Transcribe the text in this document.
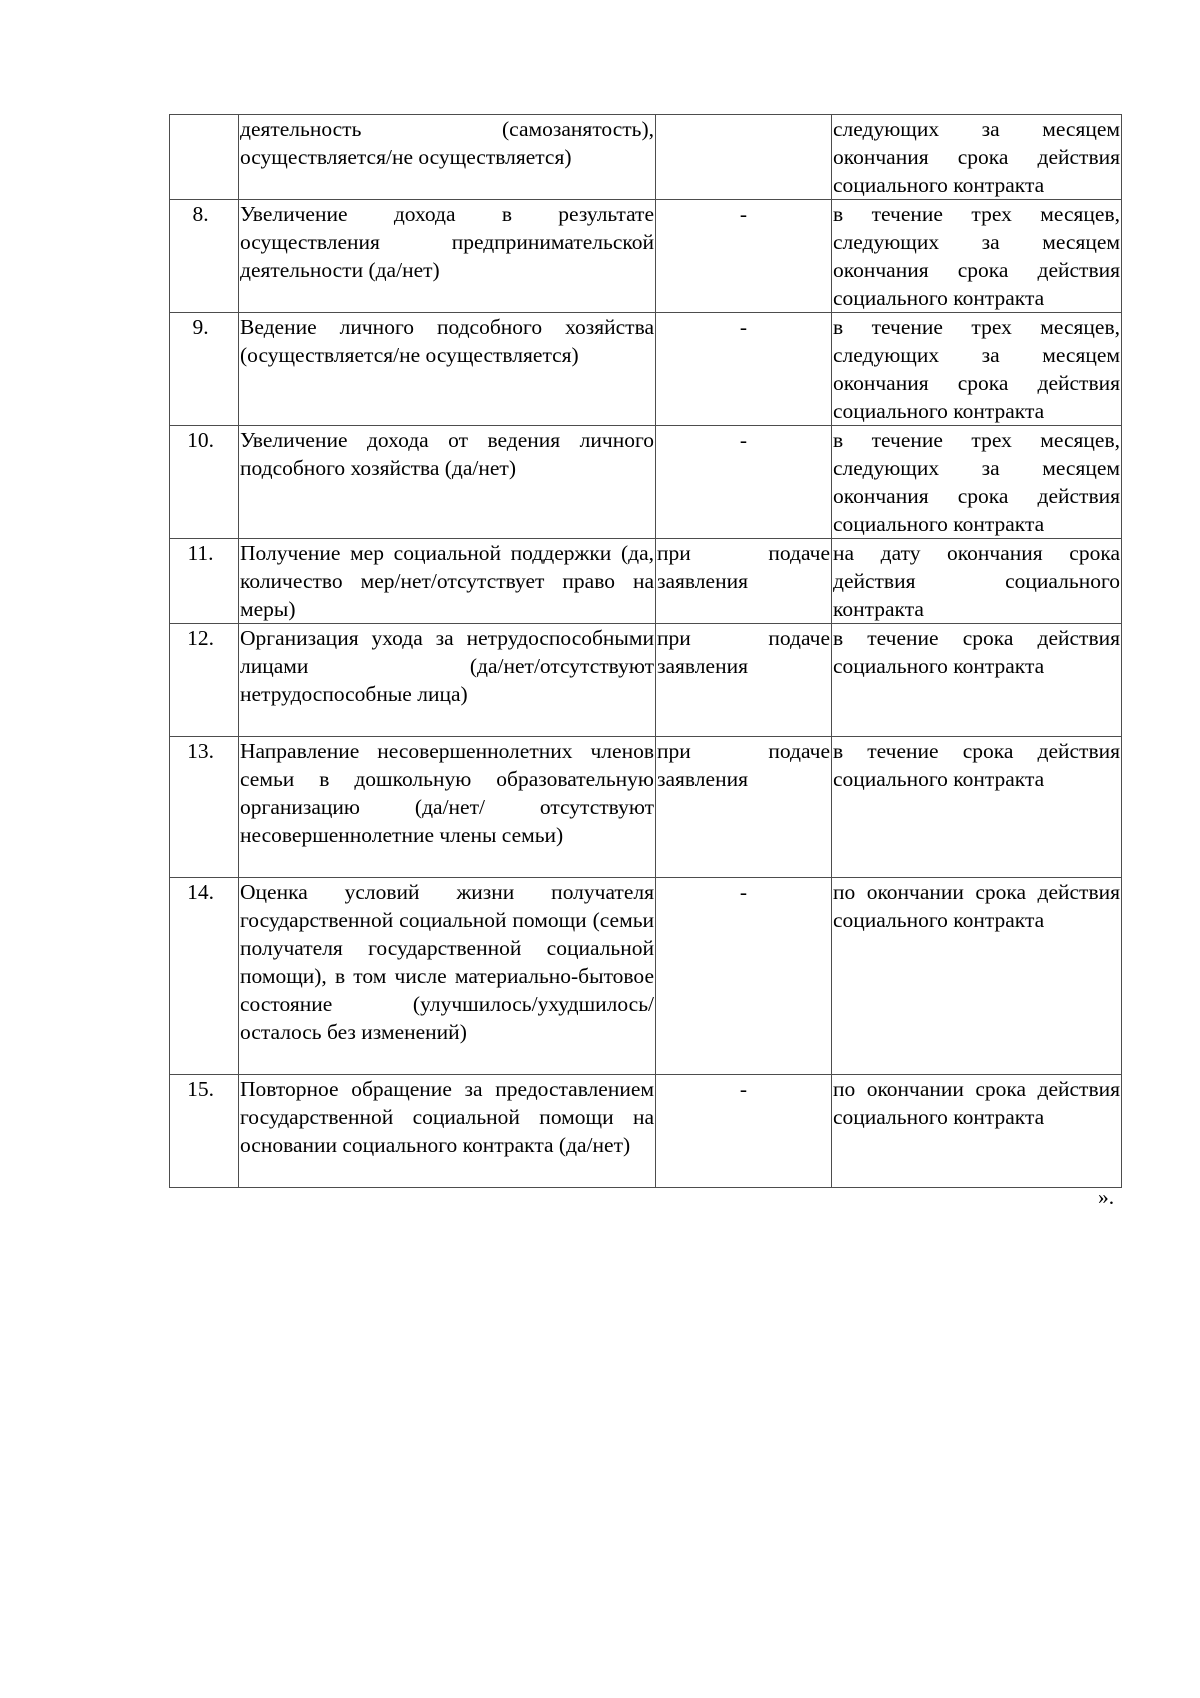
	деятельность (самозанятость), осуществляется/не осуществляется)		следующих за месяцем окончания срока действия социального контракта
8.	Увеличение дохода в результате осуществления предпринимательской деятельности (да/нет)	-	в течение трех месяцев, следующих за месяцем окончания срока действия социального контракта
9.	Ведение личного подсобного хозяйства (осуществляется/не осуществляется)	-	в течение трех месяцев, следующих за месяцем окончания срока действия социального контракта
10.	Увеличение дохода от ведения личного подсобного хозяйства (да/нет)	-	в течение трех месяцев, следующих за месяцем окончания срока действия социального контракта
11.	Получение мер социальной поддержки (да, количество мер/нет/отсутствует право на меры)	при подаче заявления	на дату окончания срока действия социального контракта
12.	Организация ухода за нетрудоспособными лицами (да/нет/отсутствуют нетрудоспособные лица)	при подаче заявления	в течение срока действия социального контракта
13.	Направление несовершеннолетних членов семьи в дошкольную образовательную организацию (да/нет/ отсутствуют несовершеннолетние члены семьи)	при подаче заявления	в течение срока действия социального контракта
14.	Оценка условий жизни получателя государственной социальной помощи (семьи получателя государственной социальной помощи), в том числе материально-бытовое состояние (улучшилось/ухудшилось/осталось без изменений)	-	по окончании срока действия социального контракта
15.	Повторное обращение за предоставлением государственной социальной помощи на основании социального контракта (да/нет)	-	по окончании срока действия социального контракта
».
